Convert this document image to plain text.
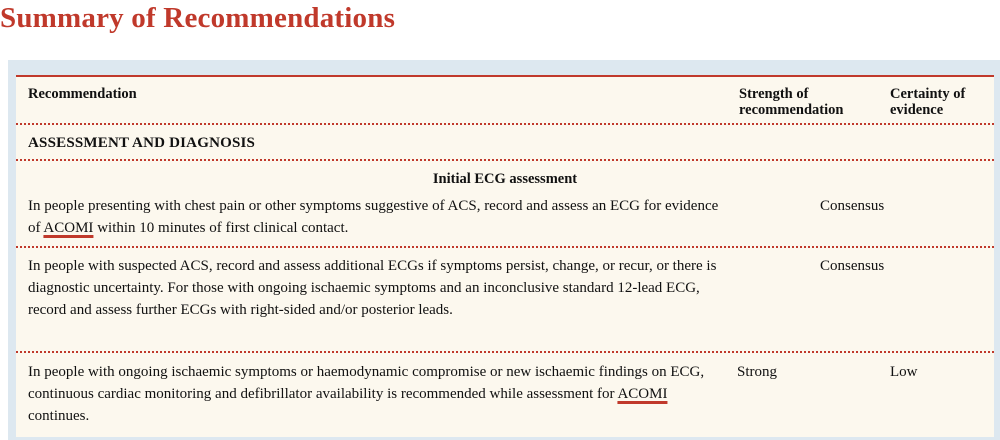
Summary of Recommendations
Recommendation	Strength of
recommendation
Certainty of
evidence
ASSESSMENT AND DIAGNOSIS
Initial ECG assessment
In people presenting with chest pain or other symptoms suggestive of ACS, record and assess an ECG for evidence of ACOMI within 10 minutes of first clinical contact.
Consensus
In people with suspected ACS, record and assess additional ECGs if symptoms persist, change, or recur, or there is diagnostic uncertainty. For those with ongoing ischaemic symptoms and an inconclusive standard 12-lead ECG, record and assess further ECGs with right-sided and/or posterior leads.
Consensus
In people with ongoing ischaemic symptoms or haemodynamic compromise or new ischaemic findings on ECG, continuous cardiac monitoring and defibrillator availability is recommended while assessment for ACOMI continues.
Strong	Low
